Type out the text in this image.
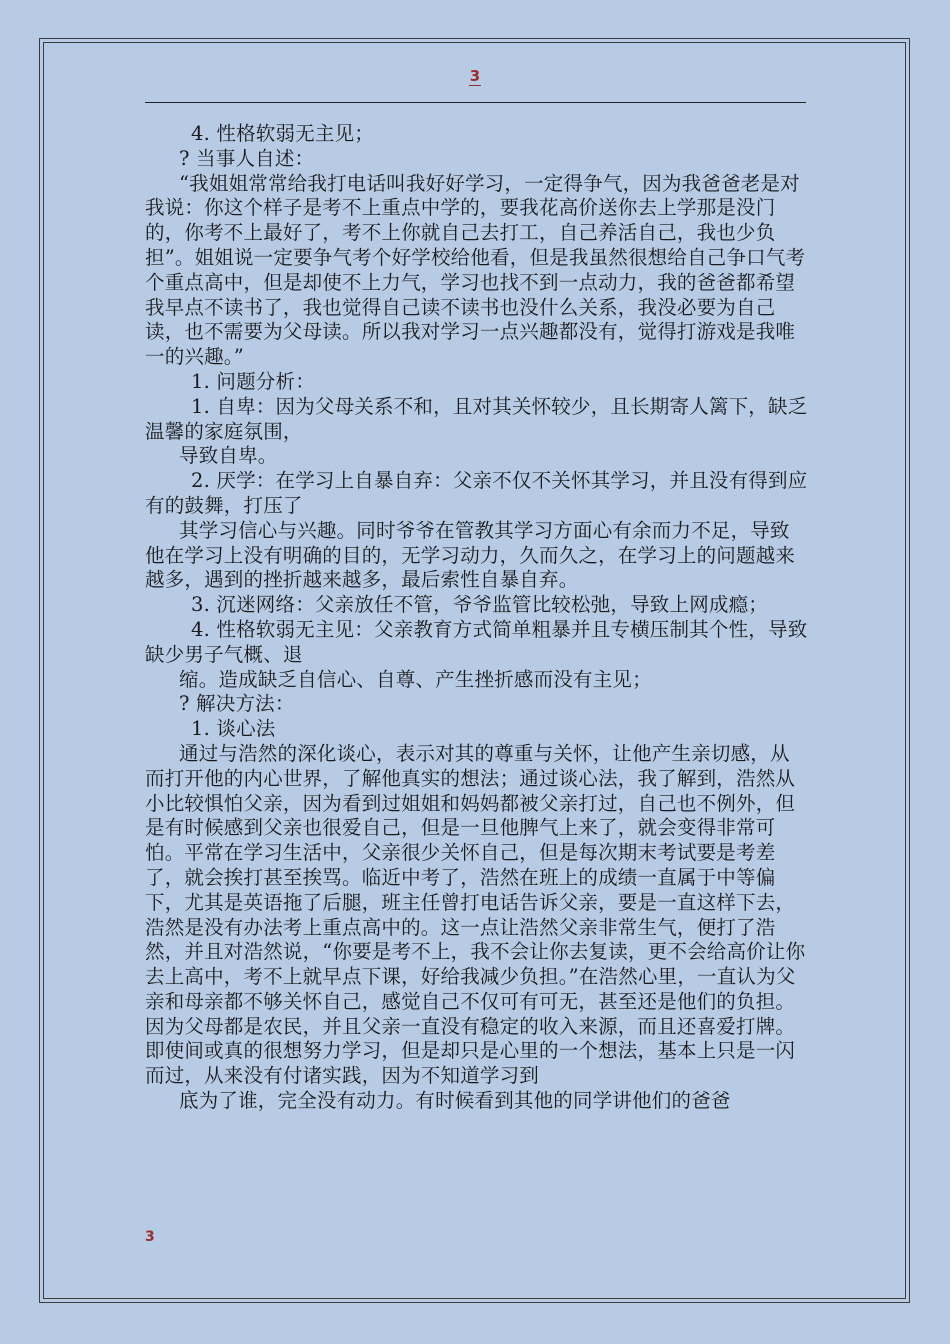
3

4. 性格软弱无主见；

? 当事人自述：

“我姐姐常常给我打电话叫我好好学习，一定得争气，因为我爸爸老是对我说：你这个样子是考不上重点中学的，要我花高价送你去上学那是没门的，你考不上最好了，考不上你就自己去打工，自己养活自己，我也少负担”。姐姐说一定要争气考个好学校给他看，但是我虽然很想给自己争口气考个重点高中，但是却使不上力气，学习也找不到一点动力，我的爸爸都希望我早点不读书了，我也觉得自己读不读书也没什么关系，我没必要为自己读，也不需要为父母读。所以我对学习一点兴趣都没有，觉得打游戏是我唯一的兴趣。”

1. 问题分析：

1. 自卑：因为父母关系不和，且对其关怀较少，且长期寄人篱下，缺乏温馨的家庭氛围，

导致自卑。

2. 厌学：在学习上自暴自弃：父亲不仅不关怀其学习，并且没有得到应有的鼓舞，打压了

其学习信心与兴趣。同时爷爷在管教其学习方面心有余而力不足，导致他在学习上没有明确的目的，无学习动力，久而久之，在学习上的问题越来越多，遇到的挫折越来越多，最后索性自暴自弃。

3. 沉迷网络：父亲放任不管，爷爷监管比较松弛，导致上网成瘾；

4. 性格软弱无主见：父亲教育方式简单粗暴并且专横压制其个性，导致缺少男子气概、退

缩。造成缺乏自信心、自尊、产生挫折感而没有主见；

? 解决方法：

1. 谈心法

通过与浩然的深化谈心，表示对其的尊重与关怀，让他产生亲切感，从而打开他的内心世界，了解他真实的想法；通过谈心法，我了解到，浩然从小比较惧怕父亲，因为看到过姐姐和妈妈都被父亲打过，自己也不例外，但是有时候感到父亲也很爱自己，但是一旦他脾气上来了，就会变得非常可怕。平常在学习生活中，父亲很少关怀自己，但是每次期末考试要是考差了，就会挨打甚至挨骂。临近中考了，浩然在班上的成绩一直属于中等偏下，尤其是英语拖了后腿，班主任曾打电话告诉父亲，要是一直这样下去，浩然是没有办法考上重点高中的。这一点让浩然父亲非常生气，便打了浩然，并且对浩然说，“你要是考不上，我不会让你去复读，更不会给高价让你去上高中，考不上就早点下课，好给我减少负担。”在浩然心里，一直认为父亲和母亲都不够关怀自己，感觉自己不仅可有可无，甚至还是他们的负担。因为父母都是农民，并且父亲一直没有稳定的收入来源，而且还喜爱打牌。即使间或真的很想努力学习，但是却只是心里的一个想法，基本上只是一闪而过，从来没有付诸实践，因为不知道学习到

底为了谁，完全没有动力。有时候看到其他的同学讲他们的爸爸

3
